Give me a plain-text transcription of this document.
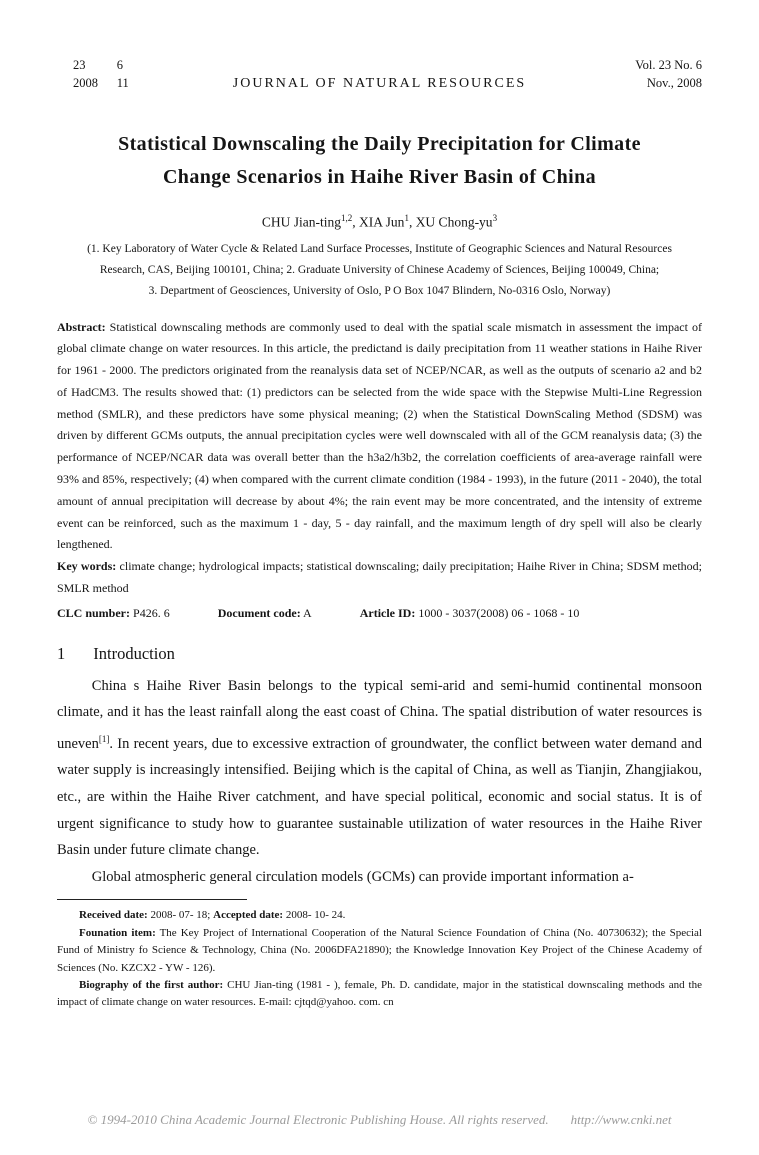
23          6	Vol. 23 No. 6
2008      11	JOURNAL OF NATURAL RESOURCES	Nov., 2008
Statistical Downscaling the Daily Precipitation for Climate
Change Scenarios in Haihe River Basin of China
CHU Jian-ting$^{1,2}$, XIA Jun$^1$, XU Chong-$yu^3$
(1. Key Laboratory of Water Cycle & Related Land Surface Processes, Institute of Geographic Sciences and Natural Resources
Research, CAS, Beijing 100101, China; 2. Graduate University of Chinese Academy of Sciences, Beijing 100049, China;
3. Department of Geosciences, University of Oslo, P O Box 1047 Blindern, No-0316 Oslo, Norway)

Abstract: Statistical downscaling methods are commonly used to deal with the spatial scale mismatch in assessment the impact of global climate change on water resources. In this article, the predictand is daily precipitation from 11 weather stations in Haihe River for 1961 - 2000. The predictors originated from the reanalysis data set of NCEP/NCAR, as well as the outputs of scenario a2 and b2 of HadCM3. The results showed that: (1) predictors can be selected from the wide space with the Stepwise Multi-Line Regression method (SMLR), and these predictors have some physical meaning; (2) when the Statistical DownScaling Method (SDSM) was driven by different GCMs outputs, the annual precipitation cycles were well downscaled with all of the GCM reanalysis data; (3) the performance of NCEP/NCAR data was overall better than the h3a2/h3b2, the correlation coefficients of area-average rainfall were 93% and 85%, respectively; (4) when compared with the current climate condition (1984 - 1993), in the future (2011 - 2040), the total amount of annual precipitation will decrease by about 4%; the rain event may be more concentrated, and the intensity of extreme event can be reinforced, such as the maximum 1 - day, 5 - day rainfall, and the maximum length of dry spell will also be clearly lengthened.

Key words: climate change; hydrological impacts; statistical downscaling; daily precipitation; Haihe River in China; SDSM method; SMLR method

CLC number: P426. 6	Document code: A	Article ID: 1000 - 3037(2008) 06 - 1068 - 10

1 Introduction

China s Haihe River Basin belongs to the typical semi-arid and semi-humid continental monsoon climate, and it has the least rainfall along the east coast of China. The spatial distribution of water resources is uneven[1]. In recent years, due to excessive extraction of groundwater, the conflict between water demand and water supply is increasingly intensified. Beijing which is the capital of China, as well as Tianjin, Zhangjiakou, etc., are within the Haihe River catchment, and have special political, economic and social status. It is of urgent significance to study how to guarantee sustainable utilization of water resources in the Haihe River Basin under future climate change.

Global atmospheric general circulation models (GCMs) can provide important information a-

Received date: 2008- 07- 18; Accepted date: 2008- 10- 24.

Founation item: The Key Project of International Cooperation of the Natural Science Foundation of China (No. 40730632); the Special Fund of Ministry fo Science & Technology, China (No. 2006DFA21890); the Knowledge Innovation Key Project of the Chinese Academy of Sciences (No. KZCX2 - YW - 126).

Biography of the first author: CHU Jian-ting (1981 - ), female, Ph. D. candidate, major in the statistical downscaling methods and the impact of climate change on water resources. E-mail: cjtqd@yahoo. com. cn

© 1994-2010 China Academic Journal Electronic Publishing House. All rights reserved. http://www.cnki.net
